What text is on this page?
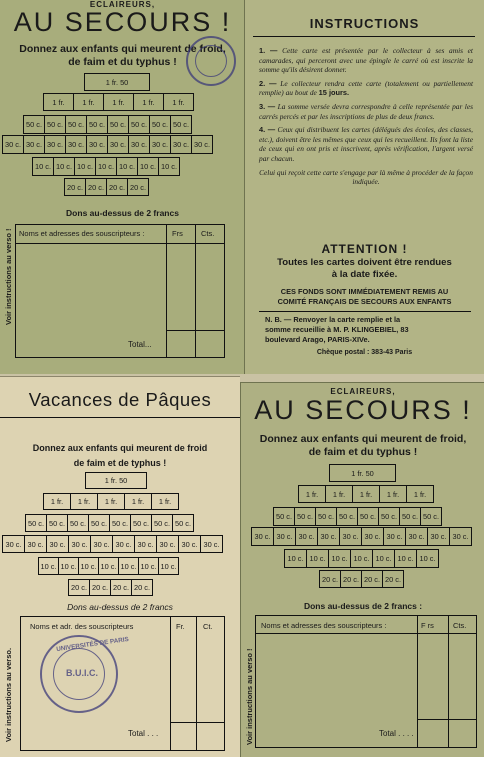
ECLAIREURS,
AU SECOURS !
Donnez aux enfants qui meurent de froid,
de faim et du typhus !
1 fr. 50
1 fr.	1 fr.	1 fr.	1 fr.	1 fr.
50 c. 50 c. 50 c. 50 c. 50 c. 50 c. 50 c. 50 c.
30 c. 30 c. 30 c. 30 c. 30 c. 30 c. 30 c. 30 c. 30 c. 30 c.
10 c. 10 c. 10 c. 10 c. 10 c. 10 c. 10 c.
20 c. 20 c. 20 c. 20 c.
Dons au-dessus de 2 francs
Noms et adresses des souscripteurs :	Frs Cts.
Total...
Voir instructions au verso !
INSTRUCTIONS

1. — Cette carte est présentée par le collecteur à ses amis et camarades, qui perceront avec une épingle le carré où est inscrite la somme qu'ils désirent donner.

2. — Le collecteur rendra cette carte (totalement ou partiellement remplie) au bout de 15 jours.

3. — La somme versée devra correspondre à celle représentée par les carrés percés et par les inscriptions de plus de deux francs.

4. — Ceux qui distribuent les cartes (délégués des écoles, des classes, etc.), doivent être les mêmes que ceux qui les recueillent. Ils font la liste de ceux qui en ont pris et inscrivent, après vérification, l'argent versé par chacun.

Celui qui reçoit cette carte s'engage par là même à procéder de la façon indiquée.

ATTENTION !
Toutes les cartes doivent être rendues
à la date fixée.
CES FONDS SONT IMMÉDIATEMENT REMIS AU
COMITÉ FRANÇAIS DE SECOURS AUX ENFANTS
N. B. — Renvoyer la carte remplie et la
somme recueillie à M. P. KLINGEBIEL, 83
boulevard Arago, PARIS-XIVe.
Chèque postal : 383-43 Paris
Vacances de Pâques
Donnez aux enfants qui meurent de froid
de faim et de typhus !
1 fr. 50
1 fr.	1 fr.	1 fr.	1 fr.	1 fr.
50 c. 50 c. 50 c. 50 c. 50 c. 50 c. 50 c. 50 c.
30 c. 30 c. 30 c. 30 c. 30 c. 30 c. 30 c. 30 c. 30 c. 30 c.
10 c. 10 c. 10 c. 10 c. 10 c. 10 c. 10 c.
20 c. 20 c. 20 c. 20 c.
Dons au-dessus de 2 francs
Noms et adr. des souscripteurs	Fr. Ct.
Total . . .
Voir instructions au verso.
UNIVERSITÉS DE PARIS
B.U.I.C.
ECLAIREURS,
AU SECOURS !
Donnez aux enfants qui meurent de froid,
de faim et du typhus !
1 fr. 50
1 fr.	1 fr.	1 fr.	1 fr.	1 fr.
50 c. 50 c. 50 c. 50 c. 50 c. 50 c. 50 c. 50 c.
30 c. 30 c. 30 c. 30 c. 30 c. 30 c. 30 c. 30 c. 30 c. 30 c.
10 c. 10 c. 10 c. 10 c. 10 c. 10 c. 10 c.
20 c. 20 c. 20 c. 20 c.
Dons au-dessus de 2 francs :
Noms et adresses des souscripteurs :	F rs	Cts.
Total . . . .
Voir instructions au verso !
